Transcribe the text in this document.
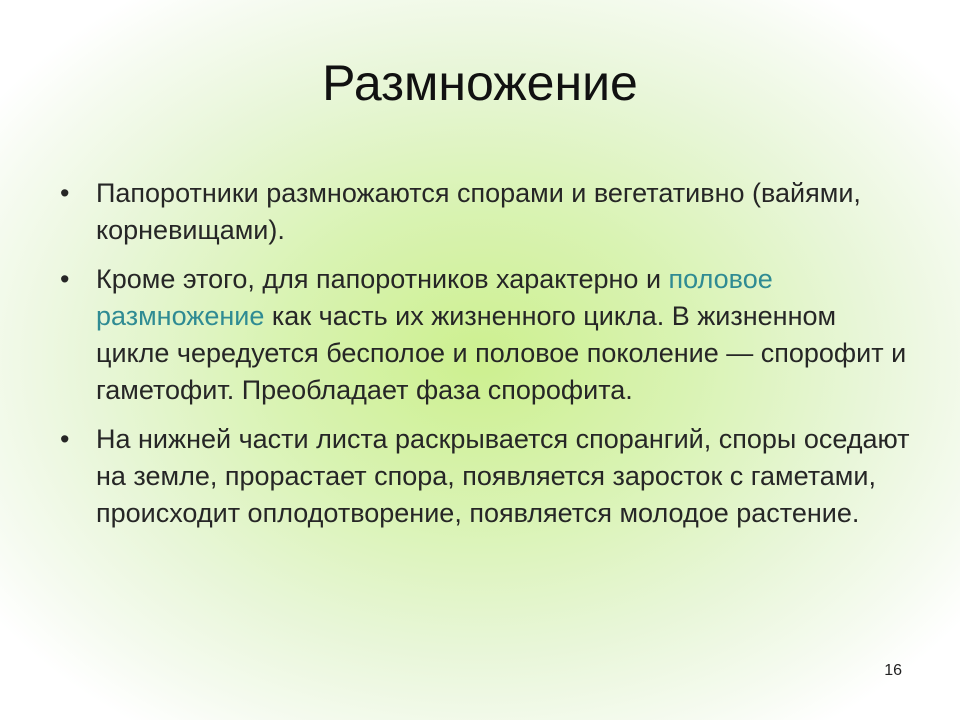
Размножение
• Папоротники размножаются спорами и вегетативно (вайями, корневищами).
• Кроме этого, для папоротников характерно и половое размножение как часть их жизненного цикла. В жизненном цикле чередуется бесполое и половое поколение — спорофит и гаметофит. Преобладает фаза спорофита.
• На нижней части листа раскрывается спорангий, споры оседают на земле, прорастает спора, появляется заросток с гаметами, происходит оплодотворение, появляется молодое растение.
16
